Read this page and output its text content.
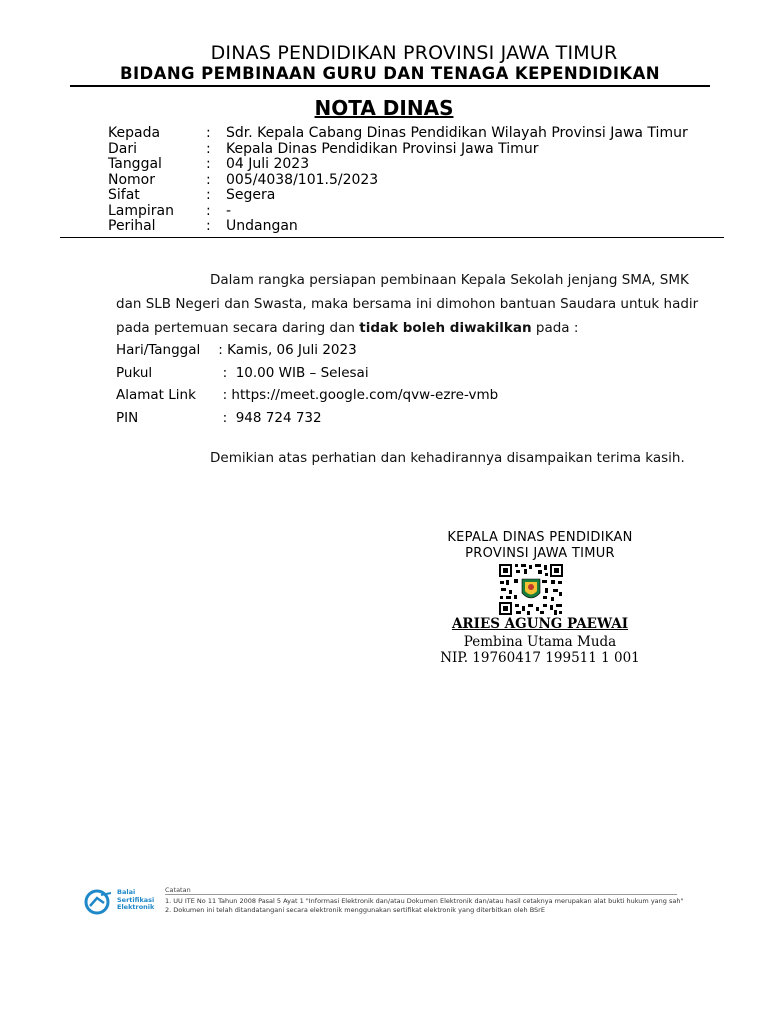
DINAS PENDIDIKAN PROVINSI JAWA TIMUR
BIDANG PEMBINAAN GURU DAN TENAGA KEPENDIDIKAN
NOTA DINAS
Kepada	:	Sdr. Kepala Cabang Dinas Pendidikan Wilayah Provinsi Jawa Timur
Dari	:	Kepala Dinas Pendidikan Provinsi Jawa Timur
Tanggal	:	04 Juli 2023
Nomor	:	005/4038/101.5/2023
Sifat	:	Segera
Lampiran	:	-
Perihal	:	Undangan
Dalam rangka persiapan pembinaan Kepala Sekolah jenjang SMA, SMK
dan SLB Negeri dan Swasta, maka bersama ini dimohon bantuan Saudara untuk hadir
pada pertemuan secara daring dan tidak boleh diwakilkan pada :
Hari/Tanggal	: Kamis, 06 Juli 2023
Pukul	:  10.00 WIB – Selesai
Alamat Link	: https://meet.google.com/qvw-ezre-vmb
PIN	:  948 724 732
Demikian atas perhatian dan kehadirannya disampaikan terima kasih.
KEPALA DINAS PENDIDIKAN
PROVINSI JAWA TIMUR
ARIES AGUNG PAEWAI
Pembina Utama Muda
NIP. 19760417 199511 1 001
Balai
Sertifikasi
Elektronik
Catatan
1. UU ITE No 11 Tahun 2008 Pasal 5 Ayat 1 "Informasi Elektronik dan/atau Dokumen Elektronik dan/atau hasil cetaknya merupakan alat bukti hukum yang sah"
2. Dokumen ini telah ditandatangani secara elektronik menggunakan sertifikat elektronik yang diterbitkan oleh BSrE
